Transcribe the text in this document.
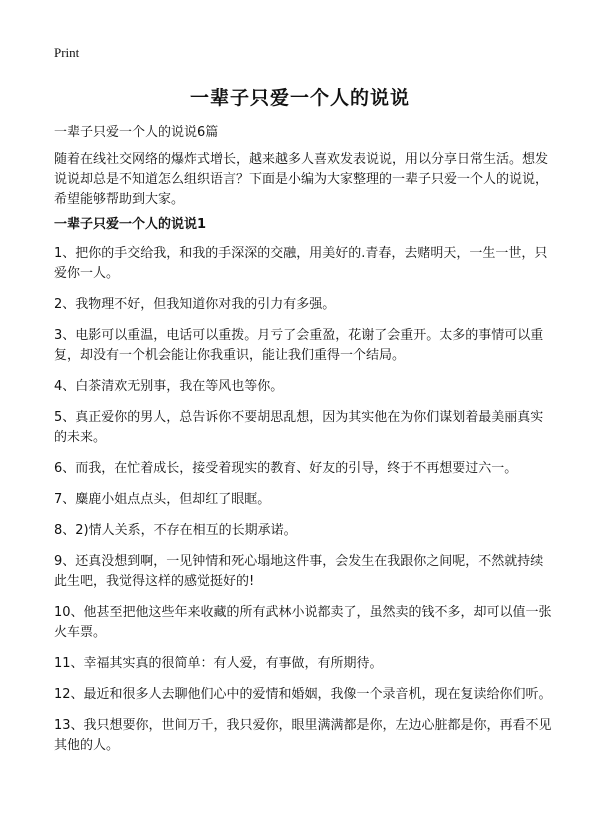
Print
一辈子只爱一个人的说说

一辈子只爱一个人的说说6篇

随着在线社交网络的爆炸式增长，越来越多人喜欢发表说说，用以分享日常生活。想发说说却总是不知道怎么组织语言？下面是小编为大家整理的一辈子只爱一个人的说说，希望能够帮助到大家。

一辈子只爱一个人的说说1
1、把你的手交给我，和我的手深深的交融，用美好的.青春，去赌明天，一生一世，只爱你一人。
2、我物理不好，但我知道你对我的引力有多强。
3、电影可以重温，电话可以重拨。月亏了会重盈，花谢了会重开。太多的事情可以重复，却没有一个机会能让你我重识，能让我们重得一个结局。
4、白茶清欢无别事，我在等风也等你。
5、真正爱你的男人，总告诉你不要胡思乱想，因为其实他在为你们谋划着最美丽真实的未来。
6、而我，在忙着成长，接受着现实的教育、好友的引导，终于不再想要过六一。
7、麋鹿小姐点点头，但却红了眼眶。
8、2)情人关系，不存在相互的长期承诺。
9、还真没想到啊，一见钟情和死心塌地这件事，会发生在我跟你之间呢，不然就持续此生吧，我觉得这样的感觉挺好的!
10、他甚至把他这些年来收藏的所有武林小说都卖了，虽然卖的钱不多，却可以值一张火车票。
11、幸福其实真的很简单：有人爱，有事做，有所期待。
12、最近和很多人去聊他们心中的爱情和婚姻，我像一个录音机，现在复读给你们听。
13、我只想要你，世间万千，我只爱你，眼里满满都是你，左边心脏都是你，再看不见其他的人。
